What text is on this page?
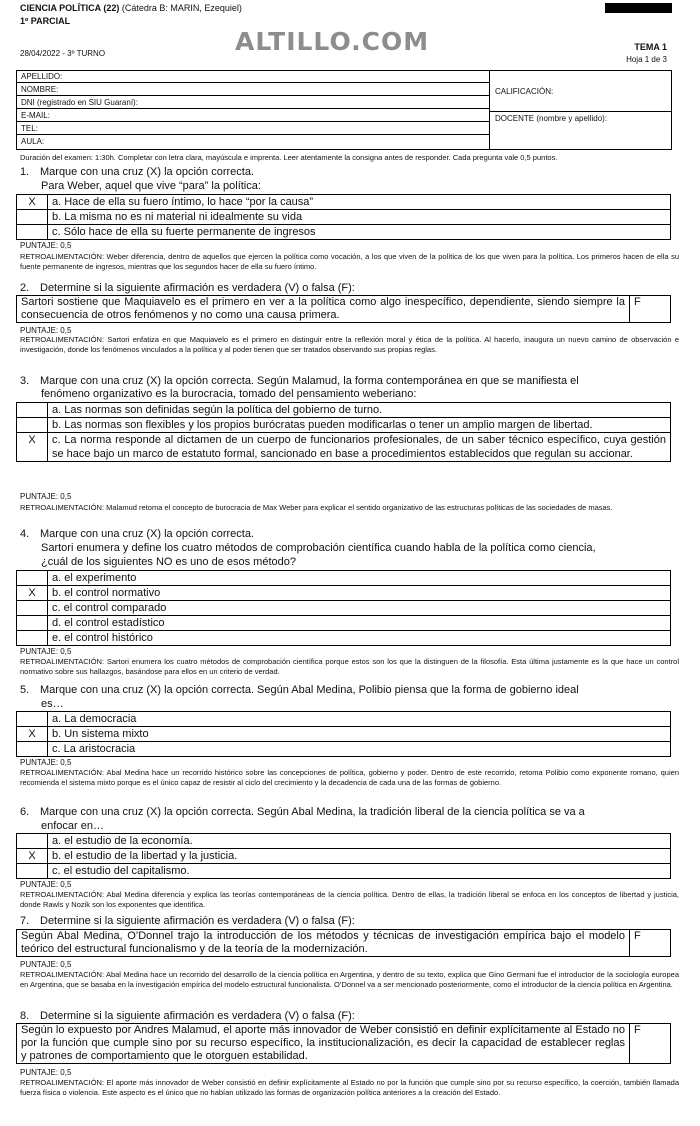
CIENCIA POLÍTICA (22) (Cátedra B: MARIN, Ezequiel)
1º PARCIAL
28/04/2022 - 3º TURNO	ALTILLO.COM	TEMA 1
Hoja 1 de 3
APELLIDO:
NOMBRE:
DNI (registrado en SIU Guaraní):
E-MAIL:
TEL:
AULA:
CALIFICACIÓN:
DOCENTE (nombre y apellido):
Duración del examen: 1:30h. Completar con letra clara, mayúscula e imprenta. Leer atentamente la consigna antes de responder. Cada pregunta vale 0,5 puntos.
1. Marque con una cruz (X) la opción correcta.
Para Weber, aquel que vive “para” la política:
X	a. Hace de ella su fuero íntimo, lo hace “por la causa”
b. La misma no es ni material ni idealmente su vida
c. Sólo hace de ella su fuerte permanente de ingresos
PUNTAJE: 0,5
RETROALIMENTACIÓN: Weber diferencia, dentro de aquellos que ejercen la política como vocación, a los que viven de la política de los que viven para la política. Los primeros hacen de ella su fuente permanente de ingresos, mientras que los segundos hacer de ella su fuero íntimo.
2. Determine si la siguiente afirmación es verdadera (V) o falsa (F):
Sartori sostiene que Maquiavelo es el primero en ver a la política como algo inespecífico, dependiente, siendo siempre la consecuencia de otros fenómenos y no como una causa primera.
F
PUNTAJE: 0,5
RETROALIMENTACIÓN: Sartori enfatiza en que Maquiavelo es el primero en distinguir entre la reflexión moral y ética de la política. Al hacerlo, inaugura un nuevo camino de observación e investigación, donde los fenómenos vinculados a la política y al poder tienen que ser tratados observando sus propias reglas.
3. Marque con una cruz (X) la opción correcta. Según Malamud, la forma contemporánea en que se manifiesta el
fenómeno organizativo es la burocracia, tomado del pensamiento weberiano:
a. Las normas son definidas según la política del gobierno de turno.
b. Las normas son flexibles y los propios burócratas pueden modificarlas o tener un amplio margen de libertad.
X	c. La norma responde al dictamen de un cuerpo de funcionarios profesionales, de un saber técnico específico, cuya gestión se hace bajo un marco de estatuto formal, sancionado en base a procedimientos establecidos que regulan su accionar.
PUNTAJE: 0,5
RETROALIMENTACIÓN: Malamud retoma el concepto de burocracia de Max Weber para explicar el sentido organizativo de las estructuras políticas de las sociedades de masas.
4. Marque con una cruz (X) la opción correcta.
Sartori enumera y define los cuatro métodos de comprobación científica cuando habla de la política como ciencia,
¿cuál de los siguientes NO es uno de esos método?
a. el experimento
X	b. el control normativo
c. el control comparado
d. el control estadístico
e. el control histórico
PUNTAJE: 0,5
RETROALIMENTACIÓN: Sartori enumera los cuatro métodos de comprobación científica porque estos son los que la distinguen de la filosofía. Esta última justamente es la que hace un control normativo sobre sus hallazgos, basándose para ellos en un criterio de verdad.
5. Marque con una cruz (X) la opción correcta. Según Abal Medina, Polibio piensa que la forma de gobierno ideal
es…
a. La democracia
X	b. Un sistema mixto
c. La aristocracia
PUNTAJE: 0,5
RETROALIMENTACIÓN: Abal Medina hace un recorrido histórico sobre las concepciones de política, gobierno y poder. Dentro de este recorrido, retoma Polibio como exponente romano, quien recomienda el sistema mixto porque es el único capaz de resistir al ciclo del crecimiento y la decadencia de cada una de las formas de gobierno.
6. Marque con una cruz (X) la opción correcta. Según Abal Medina, la tradición liberal de la ciencia política se va a
enfocar en…
a. el estudio de la economía.
X	b. el estudio de la libertad y la justicia.
c. el estudio del capitalismo.
PUNTAJE: 0,5
RETROALIMENTACIÓN: Abal Medina diferencia y explica las teorías contemporáneas de la ciencia política. Dentro de ellas, la tradición liberal se enfoca en los conceptos de libertad y justicia, donde Rawls y Nozik son los exponentes que identifica.
7. Determine si la siguiente afirmación es verdadera (V) o falsa (F):
Según Abal Medina, O’Donnel trajo la introducción de los métodos y técnicas de investigación empírica bajo el modelo teórico del estructural funcionalismo y de la teoría de la modernización.
F
PUNTAJE: 0,5
RETROALIMENTACIÓN: Abal Medina hace un recorrido del desarrollo de la ciencia política en Argentina, y dentro de su texto, explica que Gino Germani fue el introductor de la sociología europea en Argentina, que se basaba en la investigación empírica del modelo estructural funcionalista. O’Donnel va a ser mencionado posteriormente, como el introductor de la ciencia política en Argentina.
8. Determine si la siguiente afirmación es verdadera (V) o falsa (F):
Según lo expuesto por Andres Malamud, el aporte más innovador de Weber consistió en definir explícitamente al Estado no por la función que cumple sino por su recurso específico, la institucionalización, es decir la capacidad de establecer reglas y patrones de comportamiento que le otorguen estabilidad.
F
PUNTAJE: 0,5
RETROALIMENTACIÓN: El aporte más innovador de Weber consistió en definir explícitamente al Estado no por la función que cumple sino por su recurso específico, la coerción, también llamada fuerza física o violencia. Este aspecto es el único que no habían utilizado las formas de organización política anteriores a la creación del Estado.
